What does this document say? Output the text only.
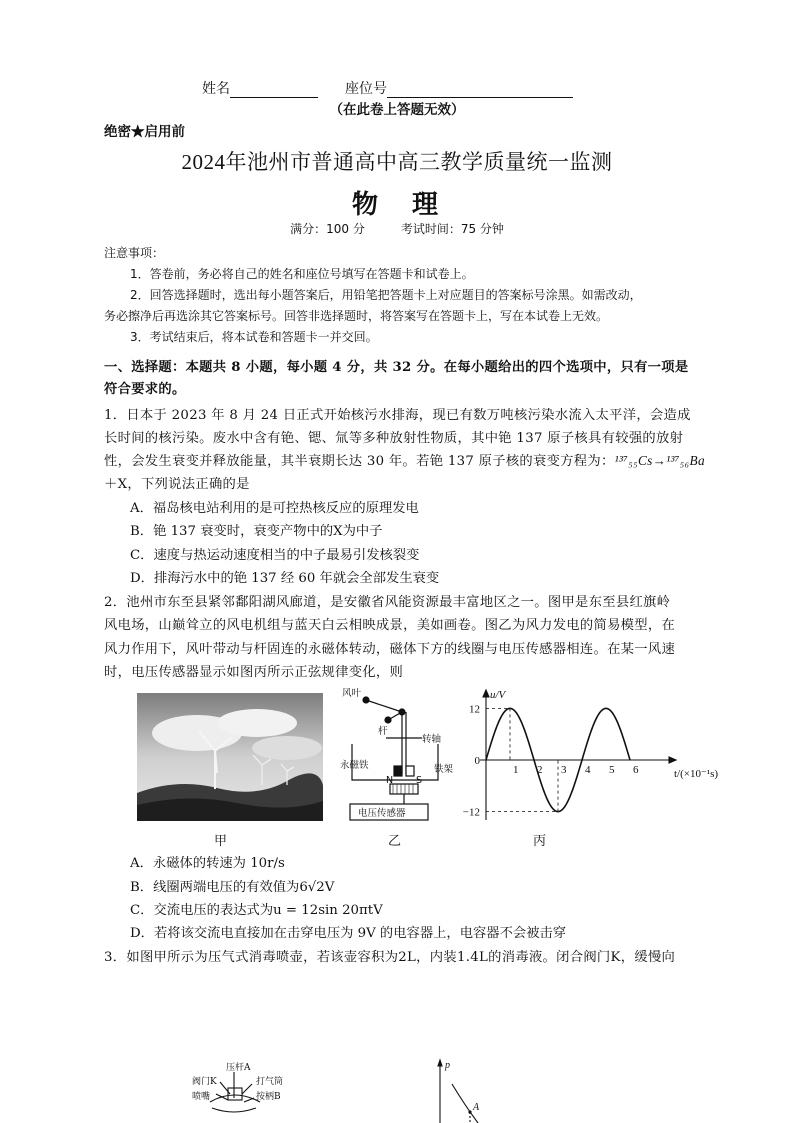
姓名	座位号
（在此卷上答题无效）
绝密★启用前
2024年池州市普通高中高三教学质量统一监测
物　理
满分：100 分　　　考试时间：75 分钟
注意事项：
1．答卷前，务必将自己的姓名和座位号填写在答题卡和试卷上。
2．回答选择题时，选出每小题答案后，用铅笔把答题卡上对应题目的答案标号涂黑。如需改动，
务必擦净后再选涂其它答案标号。回答非选择题时，将答案写在答题卡上，写在本试卷上无效。
3．考试结束后，将本试卷和答题卡一并交回。
一、选择题：本题共 8 小题，每小题 4 分，共 32 分。在每小题给出的四个选项中，只有一项是
符合要求的。
1．日本于 2023 年 8 月 24 日正式开始核污水排海，现已有数万吨核污染水流入太平洋，会造成
长时间的核污染。废水中含有铯、锶、氚等多种放射性物质，其中铯 137 原子核具有较强的放射
性，会发生衰变并释放能量，其半衰期长达 30 年。若铯 137 原子核的衰变方程为：¹³⁷₅₅Cs→¹³⁷₅₆Ba
＋X，下列说法正确的是
A．福岛核电站利用的是可控热核反应的原理发电
B．铯 137 衰变时，衰变产物中的X为中子
C．速度与热运动速度相当的中子最易引发核裂变
D．排海污水中的铯 137 经 60 年就会全部发生衰变
2．池州市东至县紧邻鄱阳湖风廊道，是安徽省风能资源最丰富地区之一。图甲是东至县红旗岭
风电场，山巅耸立的风电机组与蓝天白云相映成景，美如画卷。图乙为风力发电的简易模型，在
风力作用下，风叶带动与杆固连的永磁体转动，磁体下方的线圈与电压传感器相连。在某一风速
时，电压传感器显示如图丙所示正弦规律变化，则
甲
风叶
杆
转轴
永磁铁	铁架
N S
电压传感器
乙
1 2 3 4 5 6
12
0
−12
u/V
t/(×10⁻¹s)
丙
A．永磁体的转速为 10r/s
B．线圈两端电压的有效值为6√2V
C．交流电压的表达式为u = 12sin 20πtV
D．若将该交流电直接加在击穿电压为 9V 的电容器上，电容器不会被击穿
3．如图甲所示为压气式消毒喷壶，若该壶容积为2L，内装1.4L的消毒液。闭合阀门K，缓慢向
压杆A
阀门K	打气筒
喷嘴	按柄B
p
A
